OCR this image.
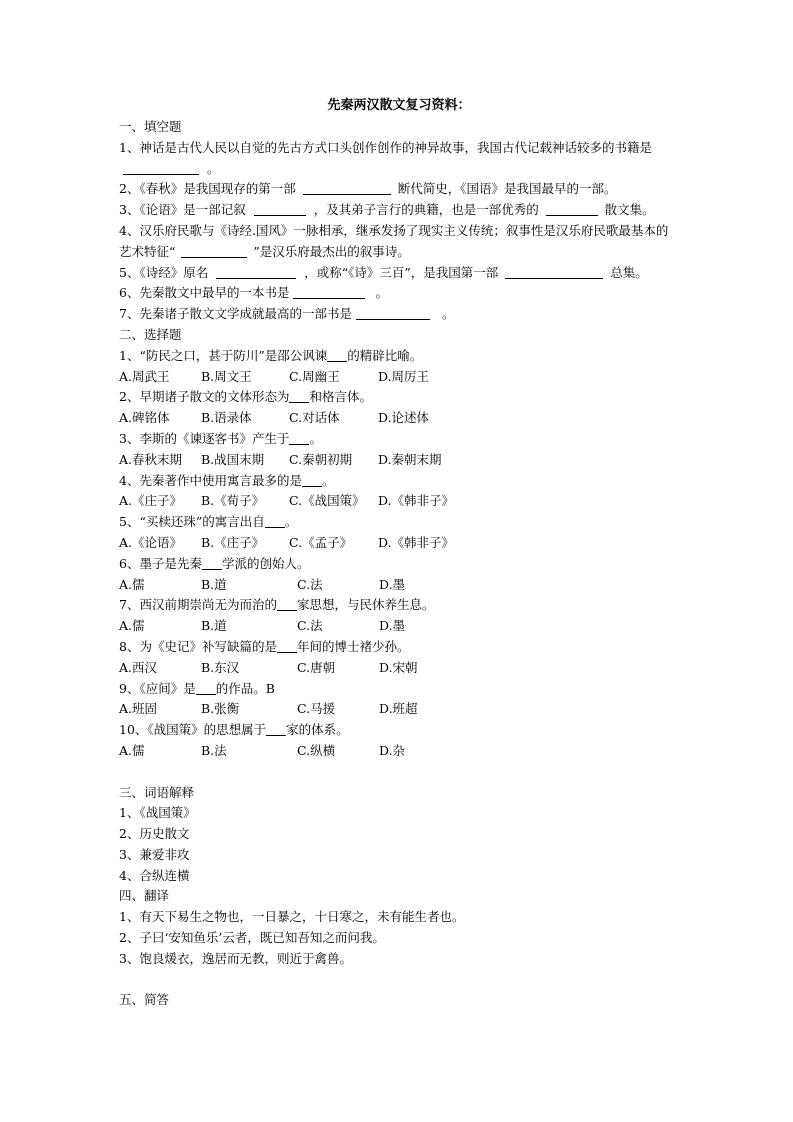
先秦两汉散文复习资料：
一、填空题
1、神话是古代人民以自觉的先古方式口头创作创作的神异故事，我国古代记载神话较多的书籍是  。
2、《春秋》是我国现存的第一部	断代简史，《国语》是我国最早的一部。
3、《论语》是一部记叙	，及其弟子言行的典籍，也是一部优秀的	散文集。
4、汉乐府民歌与《诗经.国风》一脉相承，继承发扬了现实主义传统；叙事性是汉乐府民歌最基本的艺术特征“	”是汉乐府最杰出的叙事诗。
5、《诗经》原名	，或称“《诗》三百”，是我国第一部	总集。
6、先秦散文中最早的一本书是	。
7、先秦诸子散文文学成就最高的一部书是	。
二、选择题
1、“防民之口，甚于防川”是邵公讽谏 的精辟比喻。
A.周武王	B.周文王	C.周幽王	D.周厉王
2、早期诸子散文的文体形态为 和格言体。
A.碑铭体	B.语录体	C.对话体	D.论述体
3、李斯的《谏逐客书》产生于 。
A.春秋末期	B.战国末期	C.秦朝初期	D.秦朝末期
4、先秦著作中使用寓言最多的是 。
A.《庄子》	B.《荀子》	C.《战国策》	D.《韩非子》
5、“买椟还珠”的寓言出自 。
A.《论语》	B.《庄子》	C.《孟子》	D.《韩非子》
6、墨子是先秦 学派的创始人。
A.儒	B.道	C.法	D.墨
7、西汉前期崇尚无为而治的 家思想，与民休养生息。
A.儒	B.道	C.法	D.墨
8、为《史记》补写缺篇的是 年间的博士褚少孙。
A.西汉	B.东汉	C.唐朝	D.宋朝
9、《应间》是 的作品。B
A.班固	B.张衡	C.马援	D.班超
10、《战国策》的思想属于 家的体系。
A.儒	B.法	C.纵横	D.杂
三、词语解释
1、《战国策》
2、历史散文
3、兼爱非攻
4、合纵连横
四、翻译
1、有天下易生之物也，一日暴之，十日寒之，未有能生者也。
2、子曰‘安知鱼乐’云者，既已知吾知之而问我。
3、饱良煖衣，逸居而无教，则近于禽兽。
五、简答
